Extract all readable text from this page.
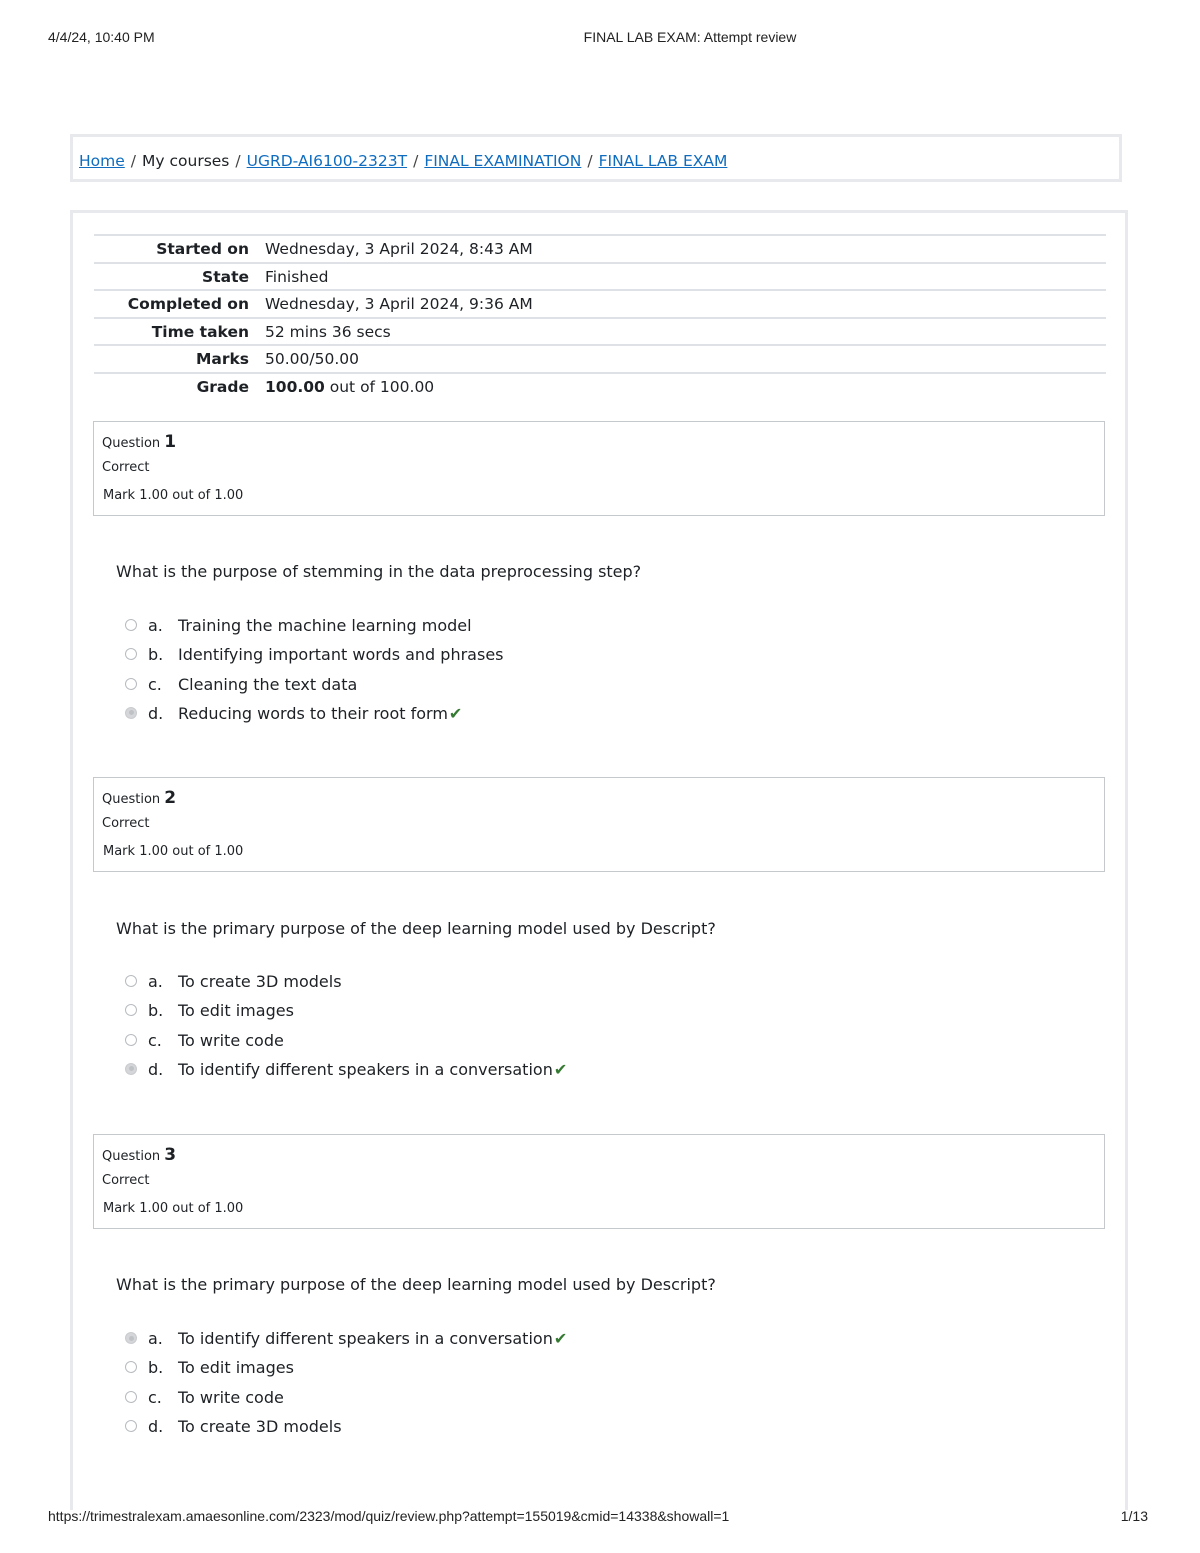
4/4/24, 10:40 PM	FINAL LAB EXAM: Attempt review
Home / My courses / UGRD-AI6100-2323T / FINAL EXAMINATION / FINAL LAB EXAM
Started on Wednesday, 3 April 2024, 8:43 AM
State Finished
Completed on Wednesday, 3 April 2024, 9:36 AM
Time taken 52 mins 36 secs
Marks 50.00/50.00
Grade 100.00 out of 100.00
Question 1
Correct
Mark 1.00 out of 1.00
What is the purpose of stemming in the data preprocessing step?
a. Training the machine learning model
b. Identifying important words and phrases
c. Cleaning the text data
d. Reducing words to their root form✔
Question 2
Correct
Mark 1.00 out of 1.00
What is the primary purpose of the deep learning model used by Descript?
a. To create 3D models
b. To edit images
c. To write code
d. To identify different speakers in a conversation✔
Question 3
Correct
Mark 1.00 out of 1.00
What is the primary purpose of the deep learning model used by Descript?
a. To identify different speakers in a conversation✔
b. To edit images
c. To write code
d. To create 3D models
https://trimestralexam.amaesonline.com/2323/mod/quiz/review.php?attempt=155019&cmid=14338&showall=1	1/13
